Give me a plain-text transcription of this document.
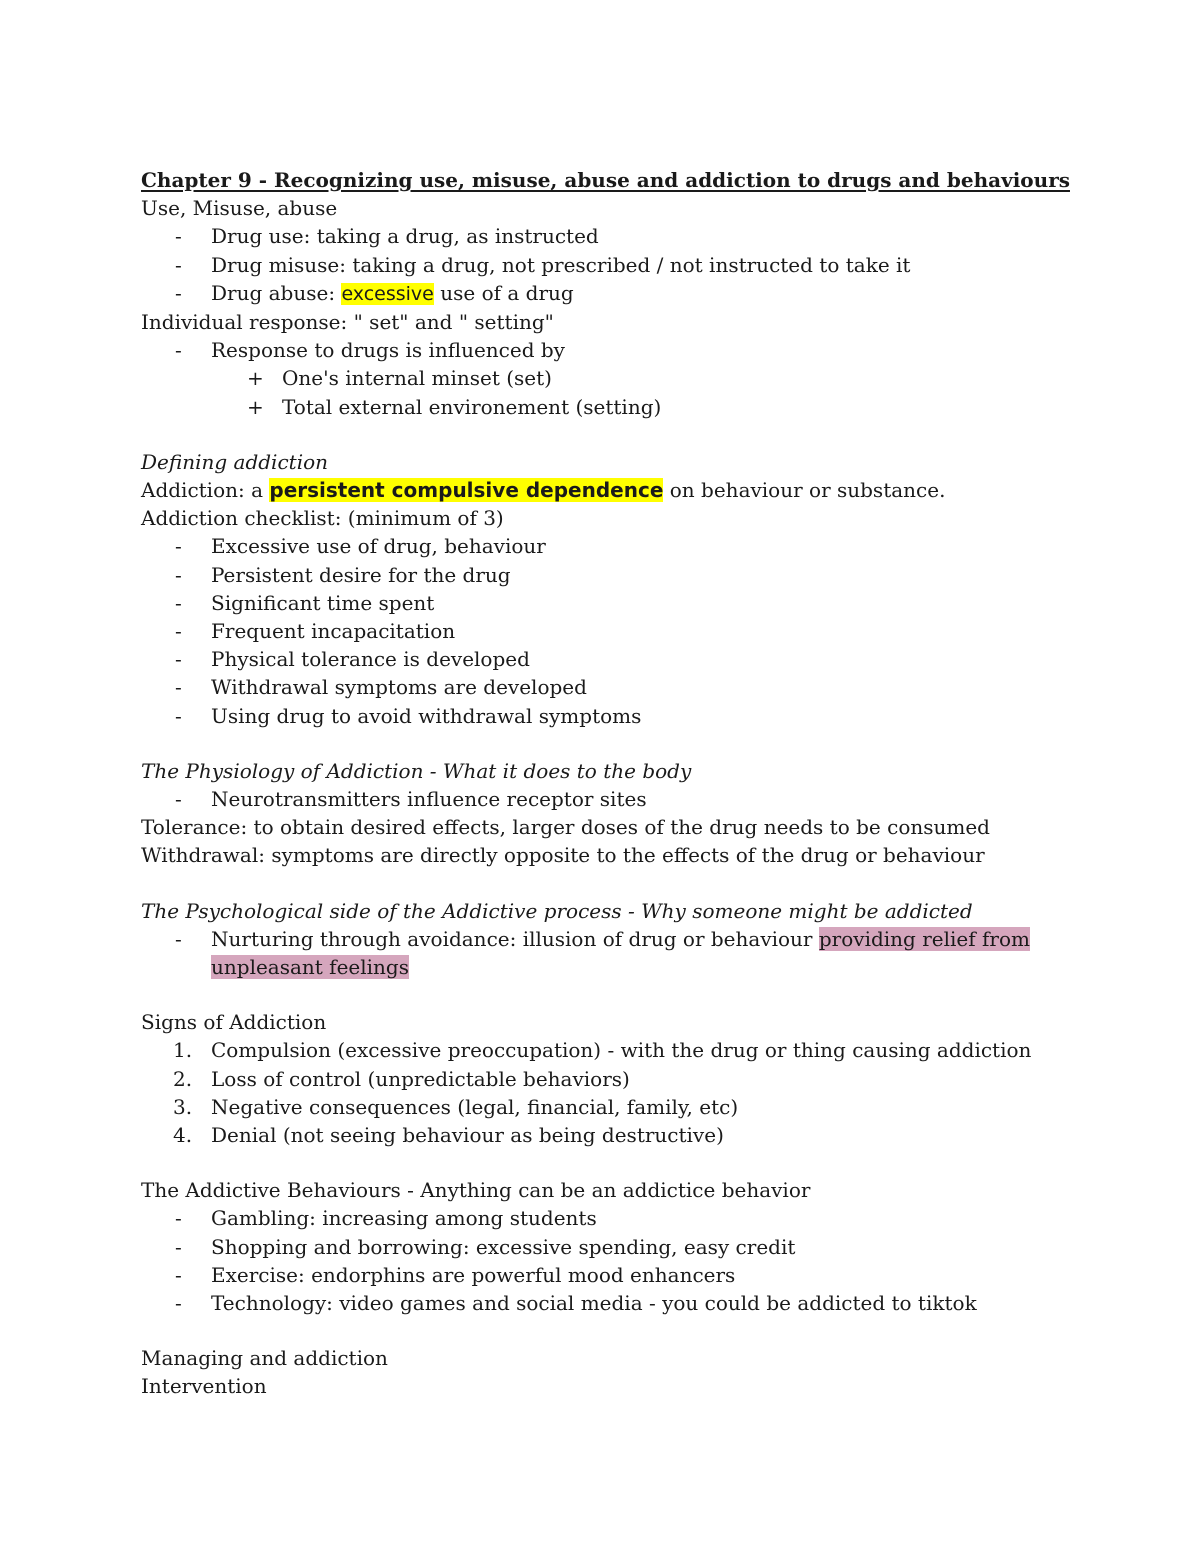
Chapter 9 - Recognizing use, misuse, abuse and addiction to drugs and behaviours
Use, Misuse, abuse
- Drug use: taking a drug, as instructed
- Drug misuse: taking a drug, not prescribed / not instructed to take it
- Drug abuse: excessive use of a drug
Individual response: " set" and " setting"
- Response to drugs is influenced by
+ One's internal minset (set)
+ Total external environement (setting)
Defining addiction
Addiction: a persistent compulsive dependence on behaviour or substance.
Addiction checklist: (minimum of 3)
- Excessive use of drug, behaviour
- Persistent desire for the drug
- Significant time spent
- Frequent incapacitation
- Physical tolerance is developed
- Withdrawal symptoms are developed
- Using drug to avoid withdrawal symptoms
The Physiology of Addiction - What it does to the body
- Neurotransmitters influence receptor sites
Tolerance: to obtain desired effects, larger doses of the drug needs to be consumed
Withdrawal: symptoms are directly opposite to the effects of the drug or behaviour
The Psychological side of the Addictive process - Why someone might be addicted
- Nurturing through avoidance: illusion of drug or behaviour providing relief from
unpleasant feelings
Signs of Addiction
1. Compulsion (excessive preoccupation) - with the drug or thing causing addiction
2. Loss of control (unpredictable behaviors)
3. Negative consequences (legal, financial, family, etc)
4. Denial (not seeing behaviour as being destructive)
The Addictive Behaviours - Anything can be an addictice behavior
- Gambling: increasing among students
- Shopping and borrowing: excessive spending, easy credit
- Exercise: endorphins are powerful mood enhancers
- Technology: video games and social media - you could be addicted to tiktok
Managing and addiction
Intervention
